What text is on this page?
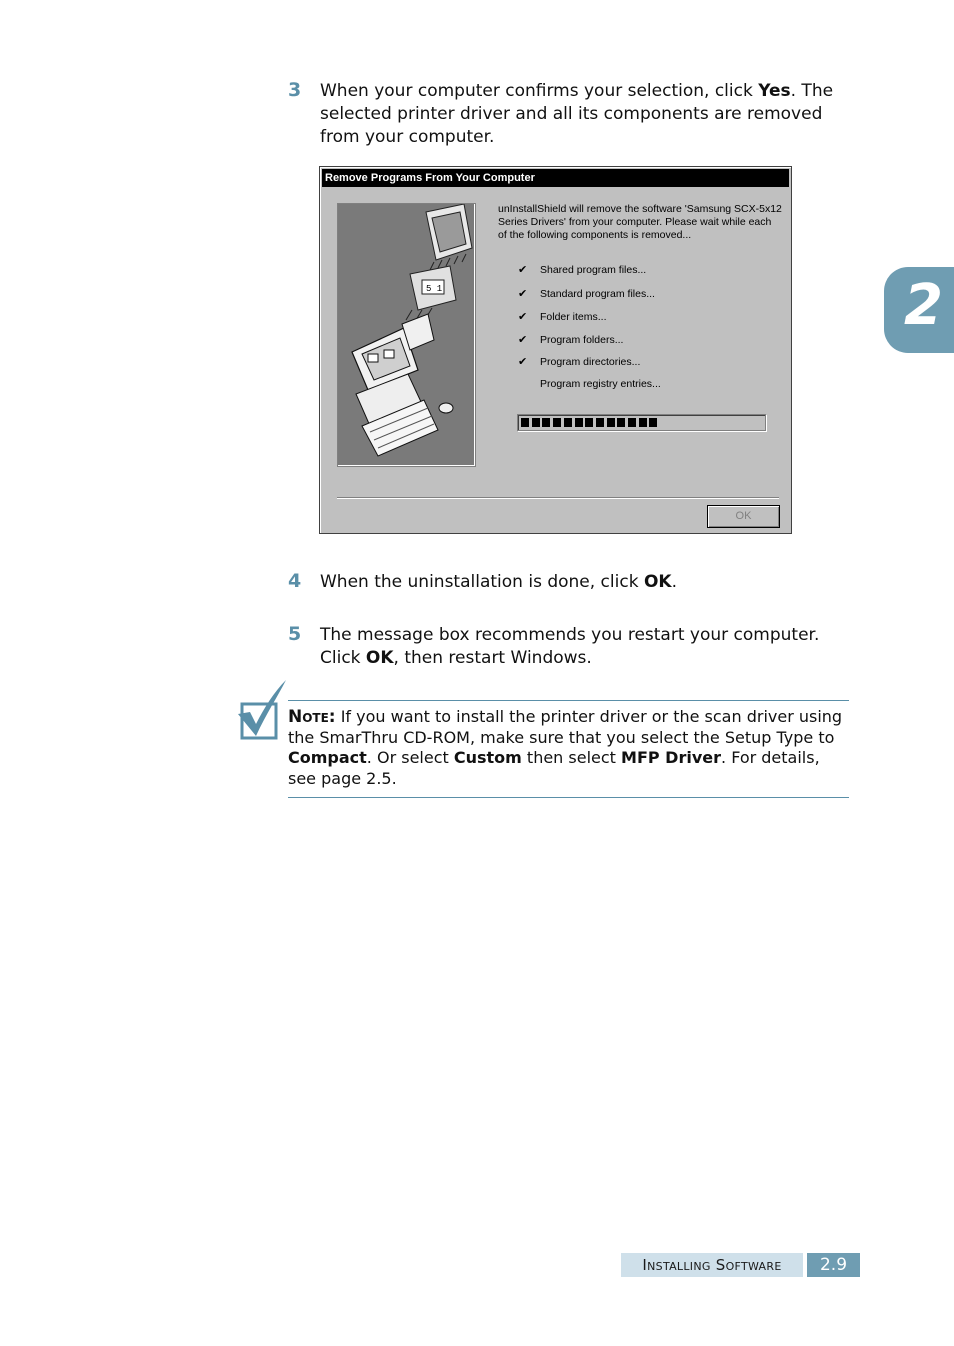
3	When your computer confirms your selection, click Yes. The selected printer driver and all its components are removed from your computer.
2
Remove Programs From Your Computer
5 1
unInstallShield will remove the software 'Samsung SCX-5x12 Series Drivers' from your computer. Please wait while each of the following components is removed...
✔ Shared program files...
✔ Standard program files...
✔ Folder items...
✔ Program folders...
✔ Program directories...
Program registry entries...
OK
4	When the uninstallation is done, click OK.
5	The message box recommends you restart your computer. Click OK, then restart Windows.
Note: If you want to install the printer driver or the scan driver using the SmarThru CD-ROM, make sure that you select the Setup Type to Compact. Or select Custom then select MFP Driver. For details, see page 2.5.
Installing Software	2.9
